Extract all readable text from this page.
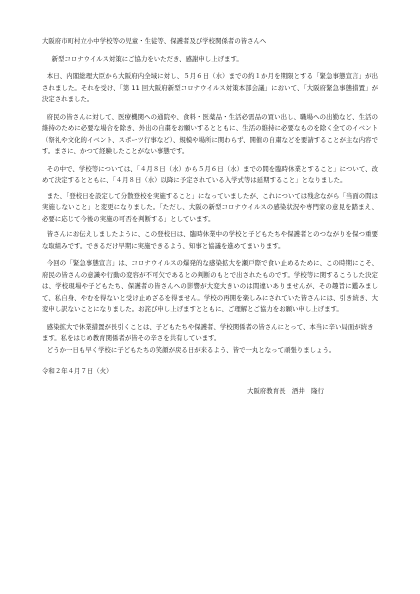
大阪府市町村立小中学校等の児童・生徒等、保護者及び学校関係者の皆さんへ

新型コロナウイルス対策にご協力をいただき、感謝申し上げます。

本日、内閣総理大臣から大阪府内全域に対し、５月６日（水）までの約１か月を期限とする「緊急事態宣言」が出されました。それを受け、「第 11 回大阪府新型コロナウイルス対策本部会議」において、「大阪府緊急事態措置」が決定されました。

府民の皆さんに対して、医療機関への通院や、食料・医薬品・生活必需品の買い出し、職場への出勤など、生活の維持のために必要な場合を除き、外出の自粛をお願いするとともに、生活の維持に必要なものを除く全てのイベント（祭礼や文化的イベント、スポーツ行事など）、規模や場所に関わらず、開催の自粛などを要請することが主な内容です。まさに、かつて経験したことがない事態です。

その中で、学校等については、「４月８日（水）から５月６日（水）までの間を臨時休業とすること」について、改めて決定するとともに、「４月８日（水）以降に予定されている入学式等は延期すること」となりました。

また、「登校日を設定して分散登校を実施すること」になっていましたが、これについては残念ながら「当面の間は実施しないこと」と変更になりました。「ただし、大阪の新型コロナウイルスの感染状況や専門家の意見を踏まえ、必要に応じて今後の実施の可否を判断する」としています。

皆さんにお伝えしましたように、この登校日は、臨時休業中の学校と子どもたちや保護者とのつながりを保つ重要な取組みです。できるだけ早期に実施できるよう、知事と協議を進めてまいります。

今回の「緊急事態宣言」は、コロナウイルスの爆発的な感染拡大を瀬戸際で食い止めるために、この時期にこそ、府民の皆さんの意識や行動の変容が不可欠であるとの判断のもとで出されたものです。学校等に関するこうした決定は、学校現場や子どもたち、保護者の皆さんへの影響が大変大きいのは間違いありませんが、その趣旨に鑑みまして、私自身、やむを得ないと受け止めざるを得ません。学校の再開を楽しみにされていた皆さんには、引き続き、大変申し訳ないことになりました。お詫び申し上げますとともに、ご理解とご協力をお願い申し上げます。

感染拡大で休業措置が長引くことは、子どもたちや保護者、学校関係者の皆さんにとって、本当に辛い局面が続きます。私をはじめ教育関係者が皆その辛さを共有しています。

どうか一日も早く学校に子どもたちの笑顔が戻る日が来るよう、皆で一丸となって頑張りましょう。

令和２年４月７日（火）

大阪府教育長　酒井　隆行
